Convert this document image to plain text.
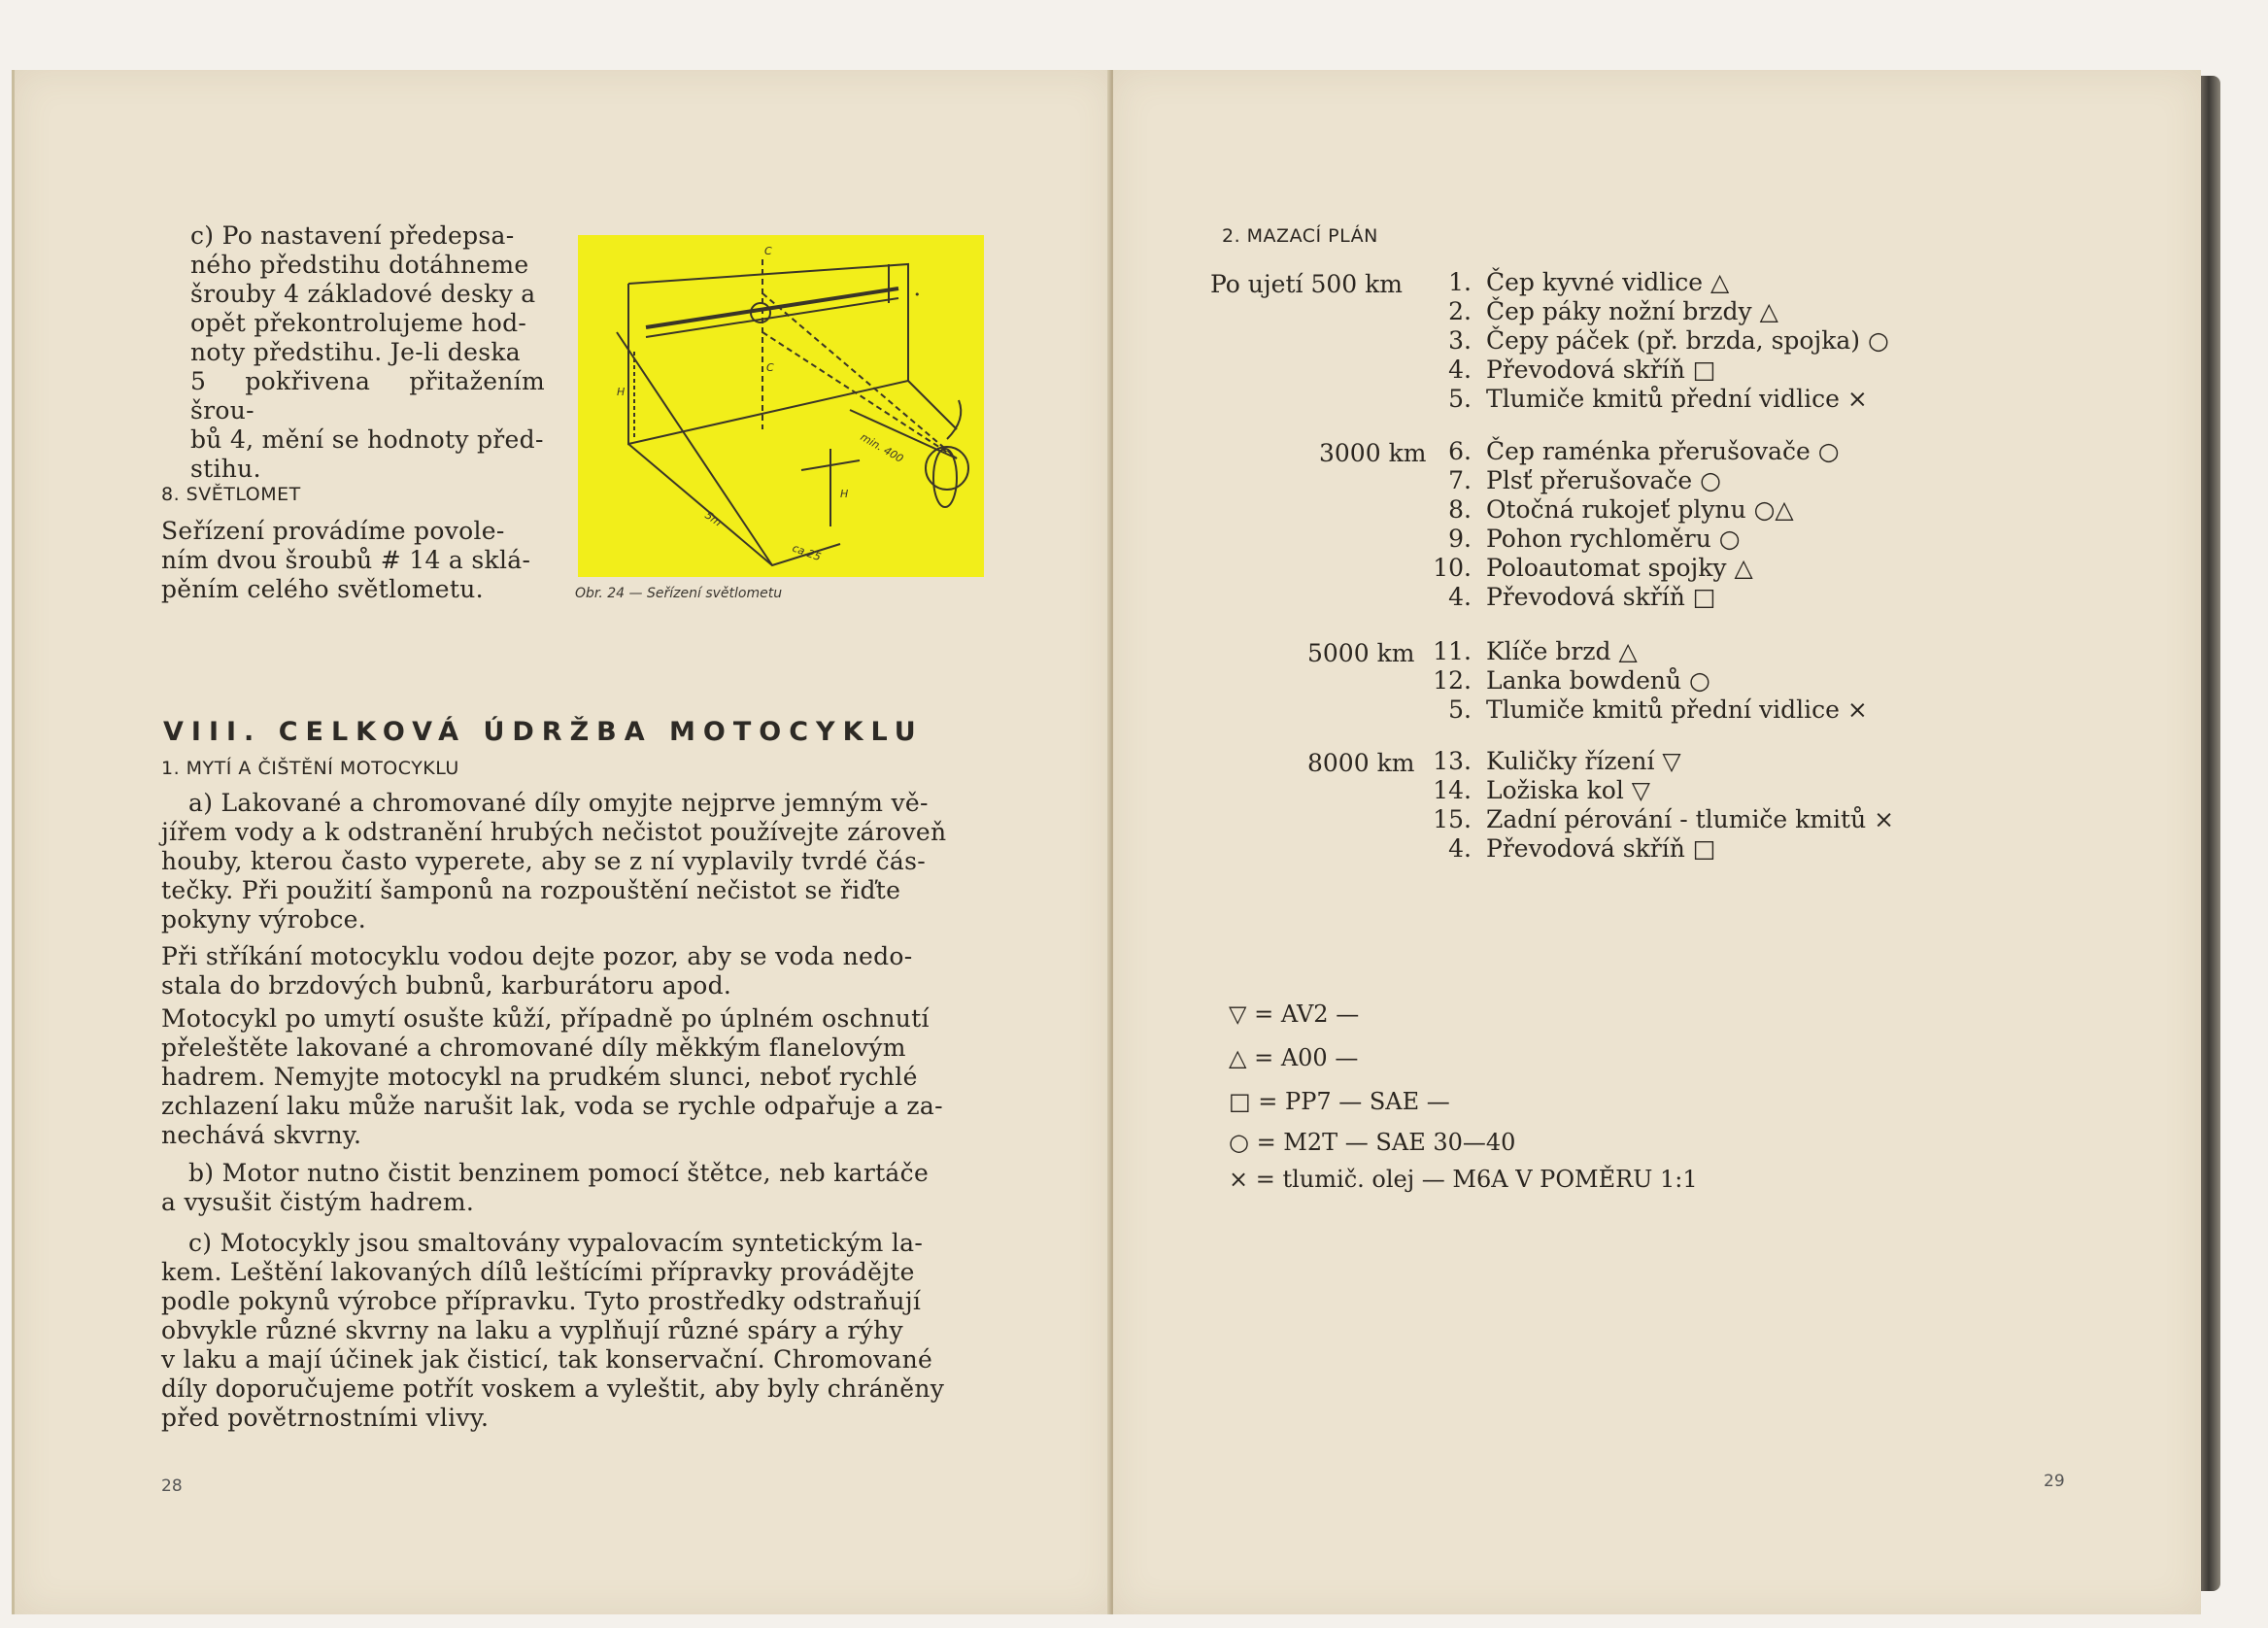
c) Po nastavení předepsa-
ného předstihu dotáhneme
šrouby 4 základové desky a
opět překontrolujeme hod-
noty předstihu. Je-li deska
5 pokřivena přitažením šrou-
bů 4, mění se hodnoty před-
stihu.
8. SVĚTLOMET
Seřízení provádíme povole-
ním dvou šroubů # 14 a sklá-
pěním celého světlometu.
H
H
C
C
min. 400
5m
ca 25
•
Obr. 24 — Seřízení světlometu
VIII. CELKOVÁ ÚDRŽBA MOTOCYKLU
1. MYTÍ A ČIŠTĚNÍ MOTOCYKLU
a) Lakované a chromované díly omyjte nejprve jemným vě-
jířem vody a k odstranění hrubých nečistot používejte zároveň
houby, kterou často vyperete, aby se z ní vyplavily tvrdé čás-
tečky. Při použití šamponů na rozpouštění nečistot se řiďte
pokyny výrobce.
Při stříkání motocyklu vodou dejte pozor, aby se voda nedo-
stala do brzdových bubnů, karburátoru apod.
Motocykl po umytí osušte kůží, případně po úplném oschnutí
přeleštěte lakované a chromované díly měkkým flanelovým
hadrem. Nemyjte motocykl na prudkém slunci, neboť rychlé
zchlazení laku může narušit lak, voda se rychle odpařuje a za-
nechává skvrny.
b) Motor nutno čistit benzinem pomocí štětce, neb kartáče
a vysušit čistým hadrem.
c) Motocykly jsou smaltovány vypalovacím syntetickým la-
kem. Leštění lakovaných dílů leštícími přípravky provádějte
podle pokynů výrobce přípravku. Tyto prostředky odstraňují
obvykle různé skvrny na laku a vyplňují různé spáry a rýhy
v laku a mají účinek jak čisticí, tak konservační. Chromované
díly doporučujeme potřít voskem a vyleštit, aby byly chráněny
před povětrnostními vlivy.
28
2. MAZACÍ PLÁN
Po ujetí 500 km	1. Čep kyvné vidlice △
2. Čep páky nožní brzdy △
3. Čepy páček (př. brzda, spojka) ○
4. Převodová skříň □
5. Tlumiče kmitů přední vidlice ×
3000 km 6. Čep raménka přerušovače ○
7. Plsť přerušovače ○
8. Otočná rukojeť plynu ○△
9. Pohon rychloměru ○
10. Poloautomat spojky △
4. Převodová skříň □
5000 km 11. Klíče brzd △
12. Lanka bowdenů ○
5. Tlumiče kmitů přední vidlice ×
8000 km 13. Kuličky řízení ▽
14. Ložiska kol ▽
15. Zadní pérování - tlumiče kmitů ×
4. Převodová skříň □
▽ = AV2 —
△ = A00 —
□ = PP7 — SAE —
○ = M2T — SAE 30—40
× = tlumič. olej — M6A V POMĚRU 1:1
29
